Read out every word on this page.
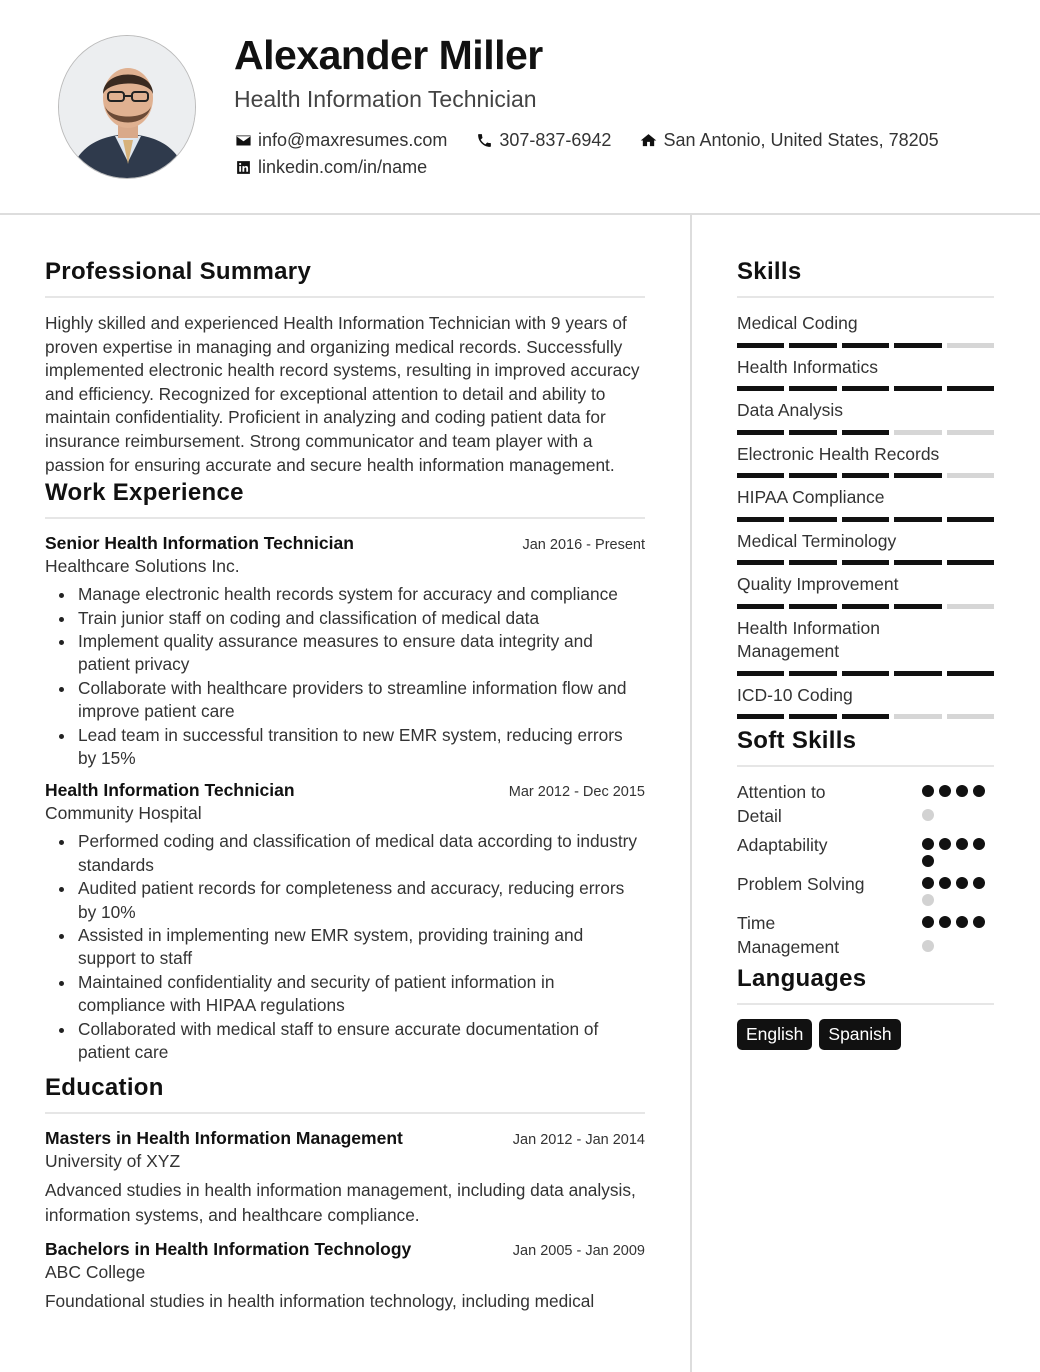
Alexander Miller
Health Information Technician
info@maxresumes.com	307-837-6942	San Antonio, United States, 78205
linkedin.com/in/name
Professional Summary

Highly skilled and experienced Health Information Technician with 9 years of proven expertise in managing and organizing medical records. Successfully implemented electronic health record systems, resulting in improved accuracy and efficiency. Recognized for exceptional attention to detail and ability to maintain confidentiality. Proficient in analyzing and coding patient data for insurance reimbursement. Strong communicator and team player with a passion for ensuring accurate and secure health information management.

Work Experience
Senior Health Information Technician	Jan 2016 - Present
Healthcare Solutions Inc.
Manage electronic health records system for accuracy and compliance
Train junior staff on coding and classification of medical data
Implement quality assurance measures to ensure data integrity and patient privacy
Collaborate with healthcare providers to streamline information flow and improve patient care
Lead team in successful transition to new EMR system, reducing errors by 15%
Health Information Technician	Mar 2012 - Dec 2015
Community Hospital
Performed coding and classification of medical data according to industry standards
Audited patient records for completeness and accuracy, reducing errors by 10%
Assisted in implementing new EMR system, providing training and support to staff
Maintained confidentiality and security of patient information in compliance with HIPAA regulations
Collaborated with medical staff to ensure accurate documentation of patient care
Education
Masters in Health Information Management	Jan 2012 - Jan 2014
University of XYZ

Advanced studies in health information management, including data analysis, information systems, and healthcare compliance.

Bachelors in Health Information Technology	Jan 2005 - Jan 2009
ABC College

Foundational studies in health information technology, including medical

Skills
Medical Coding
Health Informatics
Data Analysis
Electronic Health Records
HIPAA Compliance
Medical Terminology
Quality Improvement
Health Information Management
ICD-10 Coding
Soft Skills
Attention to Detail
Adaptability
Problem Solving
Time Management
Languages
English	Spanish
